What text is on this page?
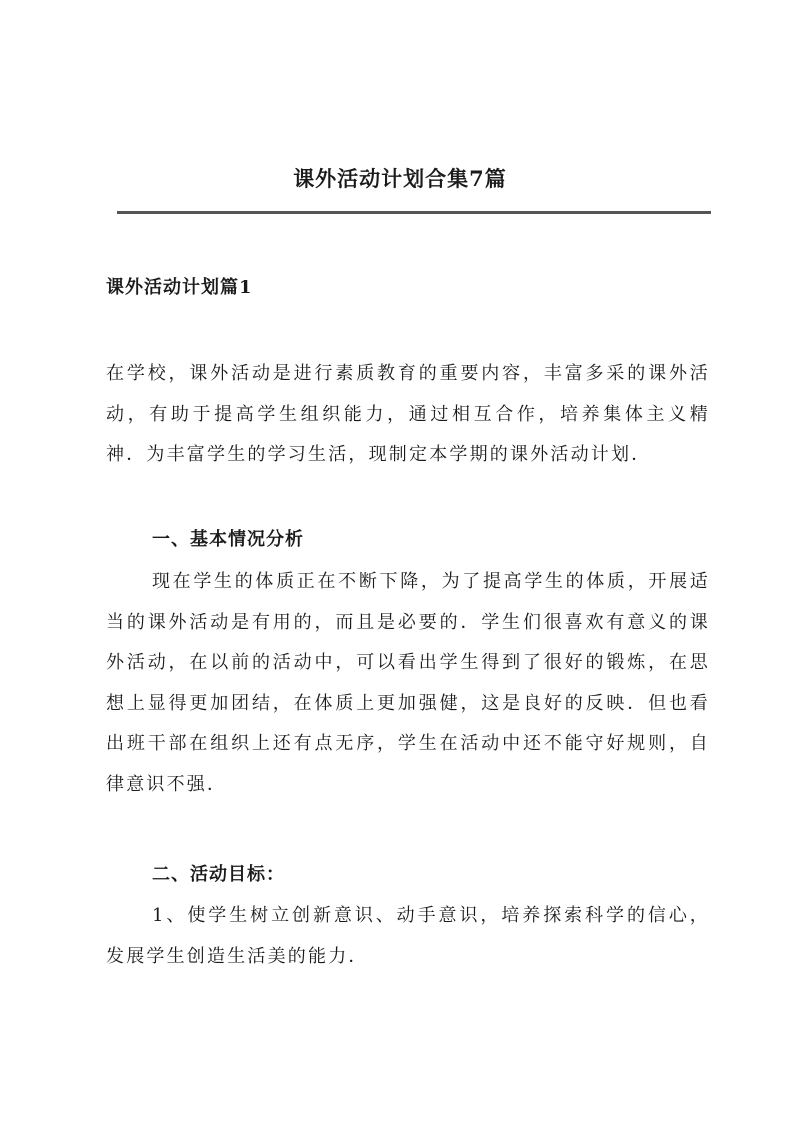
课外活动计划合集7篇
课外活动计划篇1

在学校，课外活动是进行素质教育的重要内容，丰富多采的课外活动，有助于提高学生组织能力，通过相互合作，培养集体主义精神．为丰富学生的学习生活，现制定本学期的课外活动计划．

一、基本情况分析

现在学生的体质正在不断下降，为了提高学生的体质，开展适当的课外活动是有用的，而且是必要的．学生们很喜欢有意义的课外活动，在以前的活动中，可以看出学生得到了很好的锻炼，在思想上显得更加团结，在体质上更加强健，这是良好的反映．但也看出班干部在组织上还有点无序，学生在活动中还不能守好规则，自律意识不强．

二、活动目标：

1、使学生树立创新意识、动手意识，培养探索科学的信心，发展学生创造生活美的能力．
